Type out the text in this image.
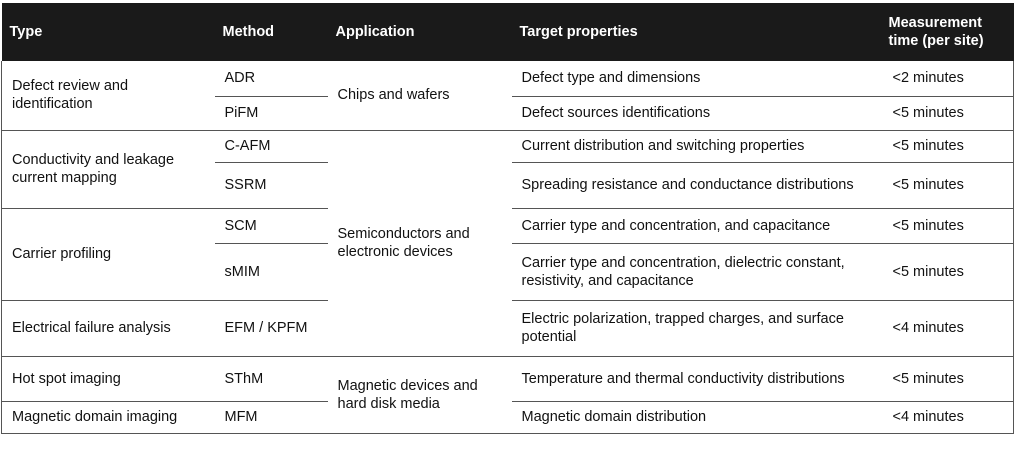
Type	Method	Application	Target properties	Measurement
time (per site)
Defect review and identification	ADR	Chips and wafers	Defect type and dimensions	<2 minutes
	PiFM		Defect sources identifications	<5 minutes
Conductivity and leakage current mapping	C-AFM	Semiconductors and electronic devices	Current distribution and switching properties	<5 minutes
	SSRM		Spreading resistance and conductance distributions	<5 minutes
Carrier profiling	SCM		Carrier type and concentration, and capacitance	<5 minutes
	sMIM		Carrier type and concentration, dielectric constant, resistivity, and capacitance	<5 minutes
Electrical failure analysis	EFM / KPFM		Electric polarization, trapped charges, and surface potential	<4 minutes
Hot spot imaging	SThM	Magnetic devices and hard disk media	Temperature and thermal conductivity distributions	<5 minutes
Magnetic domain imaging	MFM		Magnetic domain distribution	<4 minutes
